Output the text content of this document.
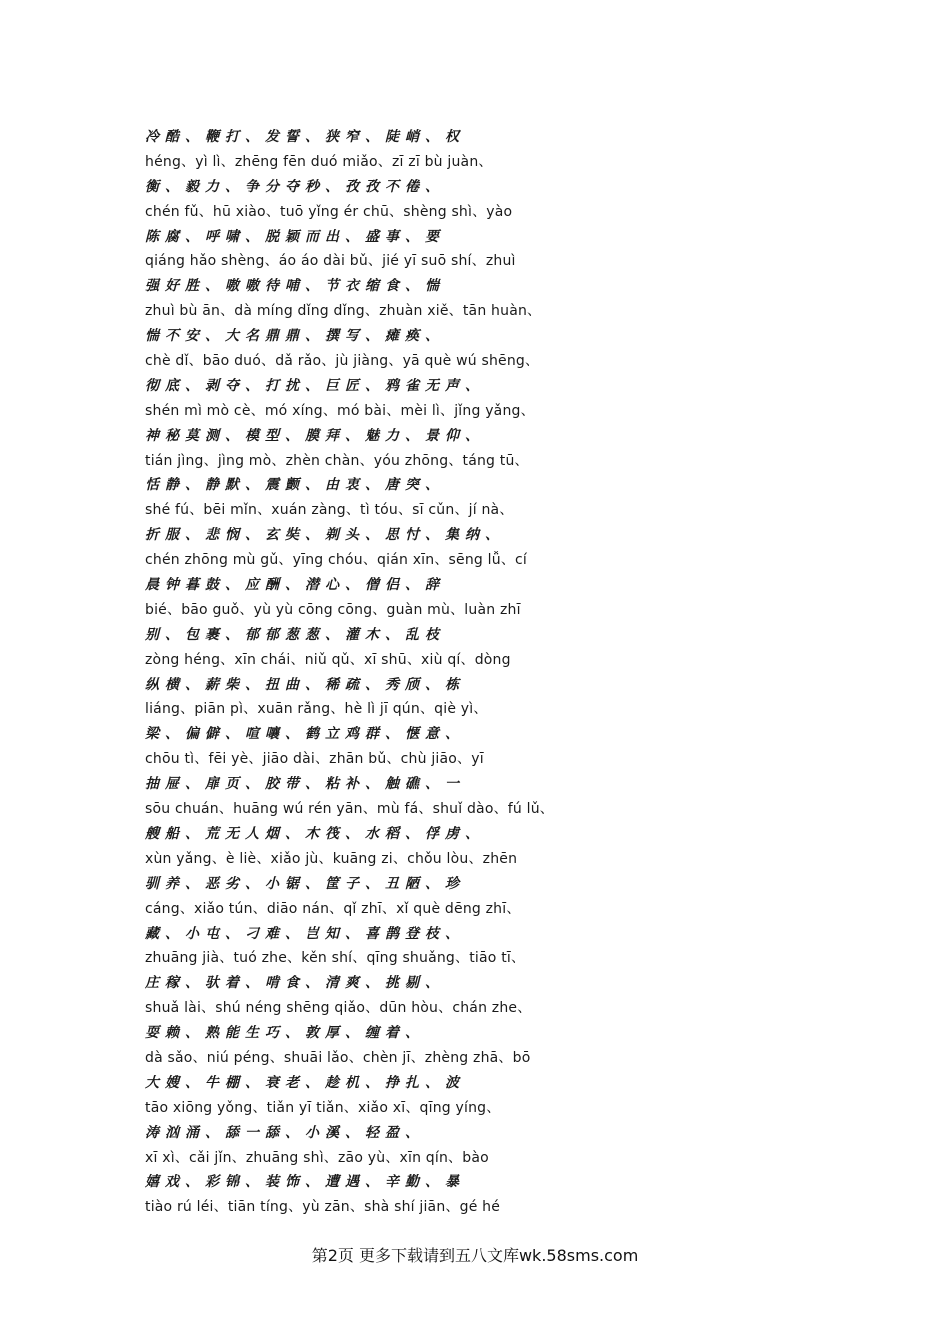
冷酷、鞭打、发誓、狭窄、陡峭、权
héng、yì lì、zhēng fēn duó miǎo、zī zī bù juàn、
衡、毅力、争分夺秒、孜孜不倦、
chén fǔ、hū xiào、tuō yǐng ér chū、shèng shì、yào
陈腐、呼啸、脱颖而出、盛事、要
qiáng hǎo shèng、áo áo dài bǔ、jié yī suō shí、zhuì
强好胜、嗷嗷待哺、节衣缩食、惴
zhuì bù ān、dà míng dǐng dǐng、zhuàn xiě、tān huàn、
惴不安、大名鼎鼎、撰写、瘫痪、
chè dǐ、bāo duó、dǎ rǎo、jù jiàng、yā què wú shēng、
彻底、剥夺、打扰、巨匠、鸦雀无声、
shén mì mò cè、mó xíng、mó bài、mèi lì、jǐng yǎng、
神秘莫测、模型、膜拜、魅力、景仰、
tián jìng、jìng mò、zhèn chàn、yóu zhōng、táng tū、
恬静、静默、震颤、由衷、唐突、
shé fú、bēi mǐn、xuán zàng、tì tóu、sī cǔn、jí nà、
折服、悲悯、玄奘、剃头、思忖、集纳、
chén zhōng mù gǔ、yīng chóu、qián xīn、sēng lǚ、cí
晨钟暮鼓、应酬、潜心、僧侣、辞
bié、bāo guǒ、yù yù cōng cōng、guàn mù、luàn zhī
别、包裹、郁郁葱葱、灌木、乱枝
zòng héng、xīn chái、niǔ qǔ、xī shū、xiù qí、dòng
纵横、薪柴、扭曲、稀疏、秀颀、栋
liáng、piān pì、xuān rǎng、hè lì jī qún、qiè yì、
梁、偏僻、喧嚷、鹤立鸡群、惬意、
chōu tì、fēi yè、jiāo dài、zhān bǔ、chù jiāo、yī
抽屉、扉页、胶带、粘补、触礁、一
sōu chuán、huāng wú rén yān、mù fá、shuǐ dào、fú lǔ、
艘船、荒无人烟、木筏、水稻、俘虏、
xùn yǎng、è liè、xiǎo jù、kuāng zi、chǒu lòu、zhēn
驯养、恶劣、小锯、筐子、丑陋、珍
cáng、xiǎo tún、diāo nán、qǐ zhī、xǐ què dēng zhī、
藏、小屯、刁难、岂知、喜鹊登枝、
zhuāng jià、tuó zhe、kěn shí、qīng shuǎng、tiāo tī、
庄稼、驮着、啃食、清爽、挑剔、
shuǎ lài、shú néng shēng qiǎo、dūn hòu、chán zhe、
耍赖、熟能生巧、敦厚、缠着、
dà sǎo、niú péng、shuāi lǎo、chèn jī、zhèng zhā、bō
大嫂、牛棚、衰老、趁机、挣扎、波
tāo xiōng yǒng、tiǎn yī tiǎn、xiǎo xī、qīng yíng、
涛汹涌、舔一舔、小溪、轻盈、
xī xì、cǎi jǐn、zhuāng shì、zāo yù、xīn qín、bào
嬉戏、彩锦、装饰、遭遇、辛勤、暴
tiào rú léi、tiān tíng、yù zān、shà shí jiān、gé hé
第2页 更多下载请到五八文库wk.58sms.com
